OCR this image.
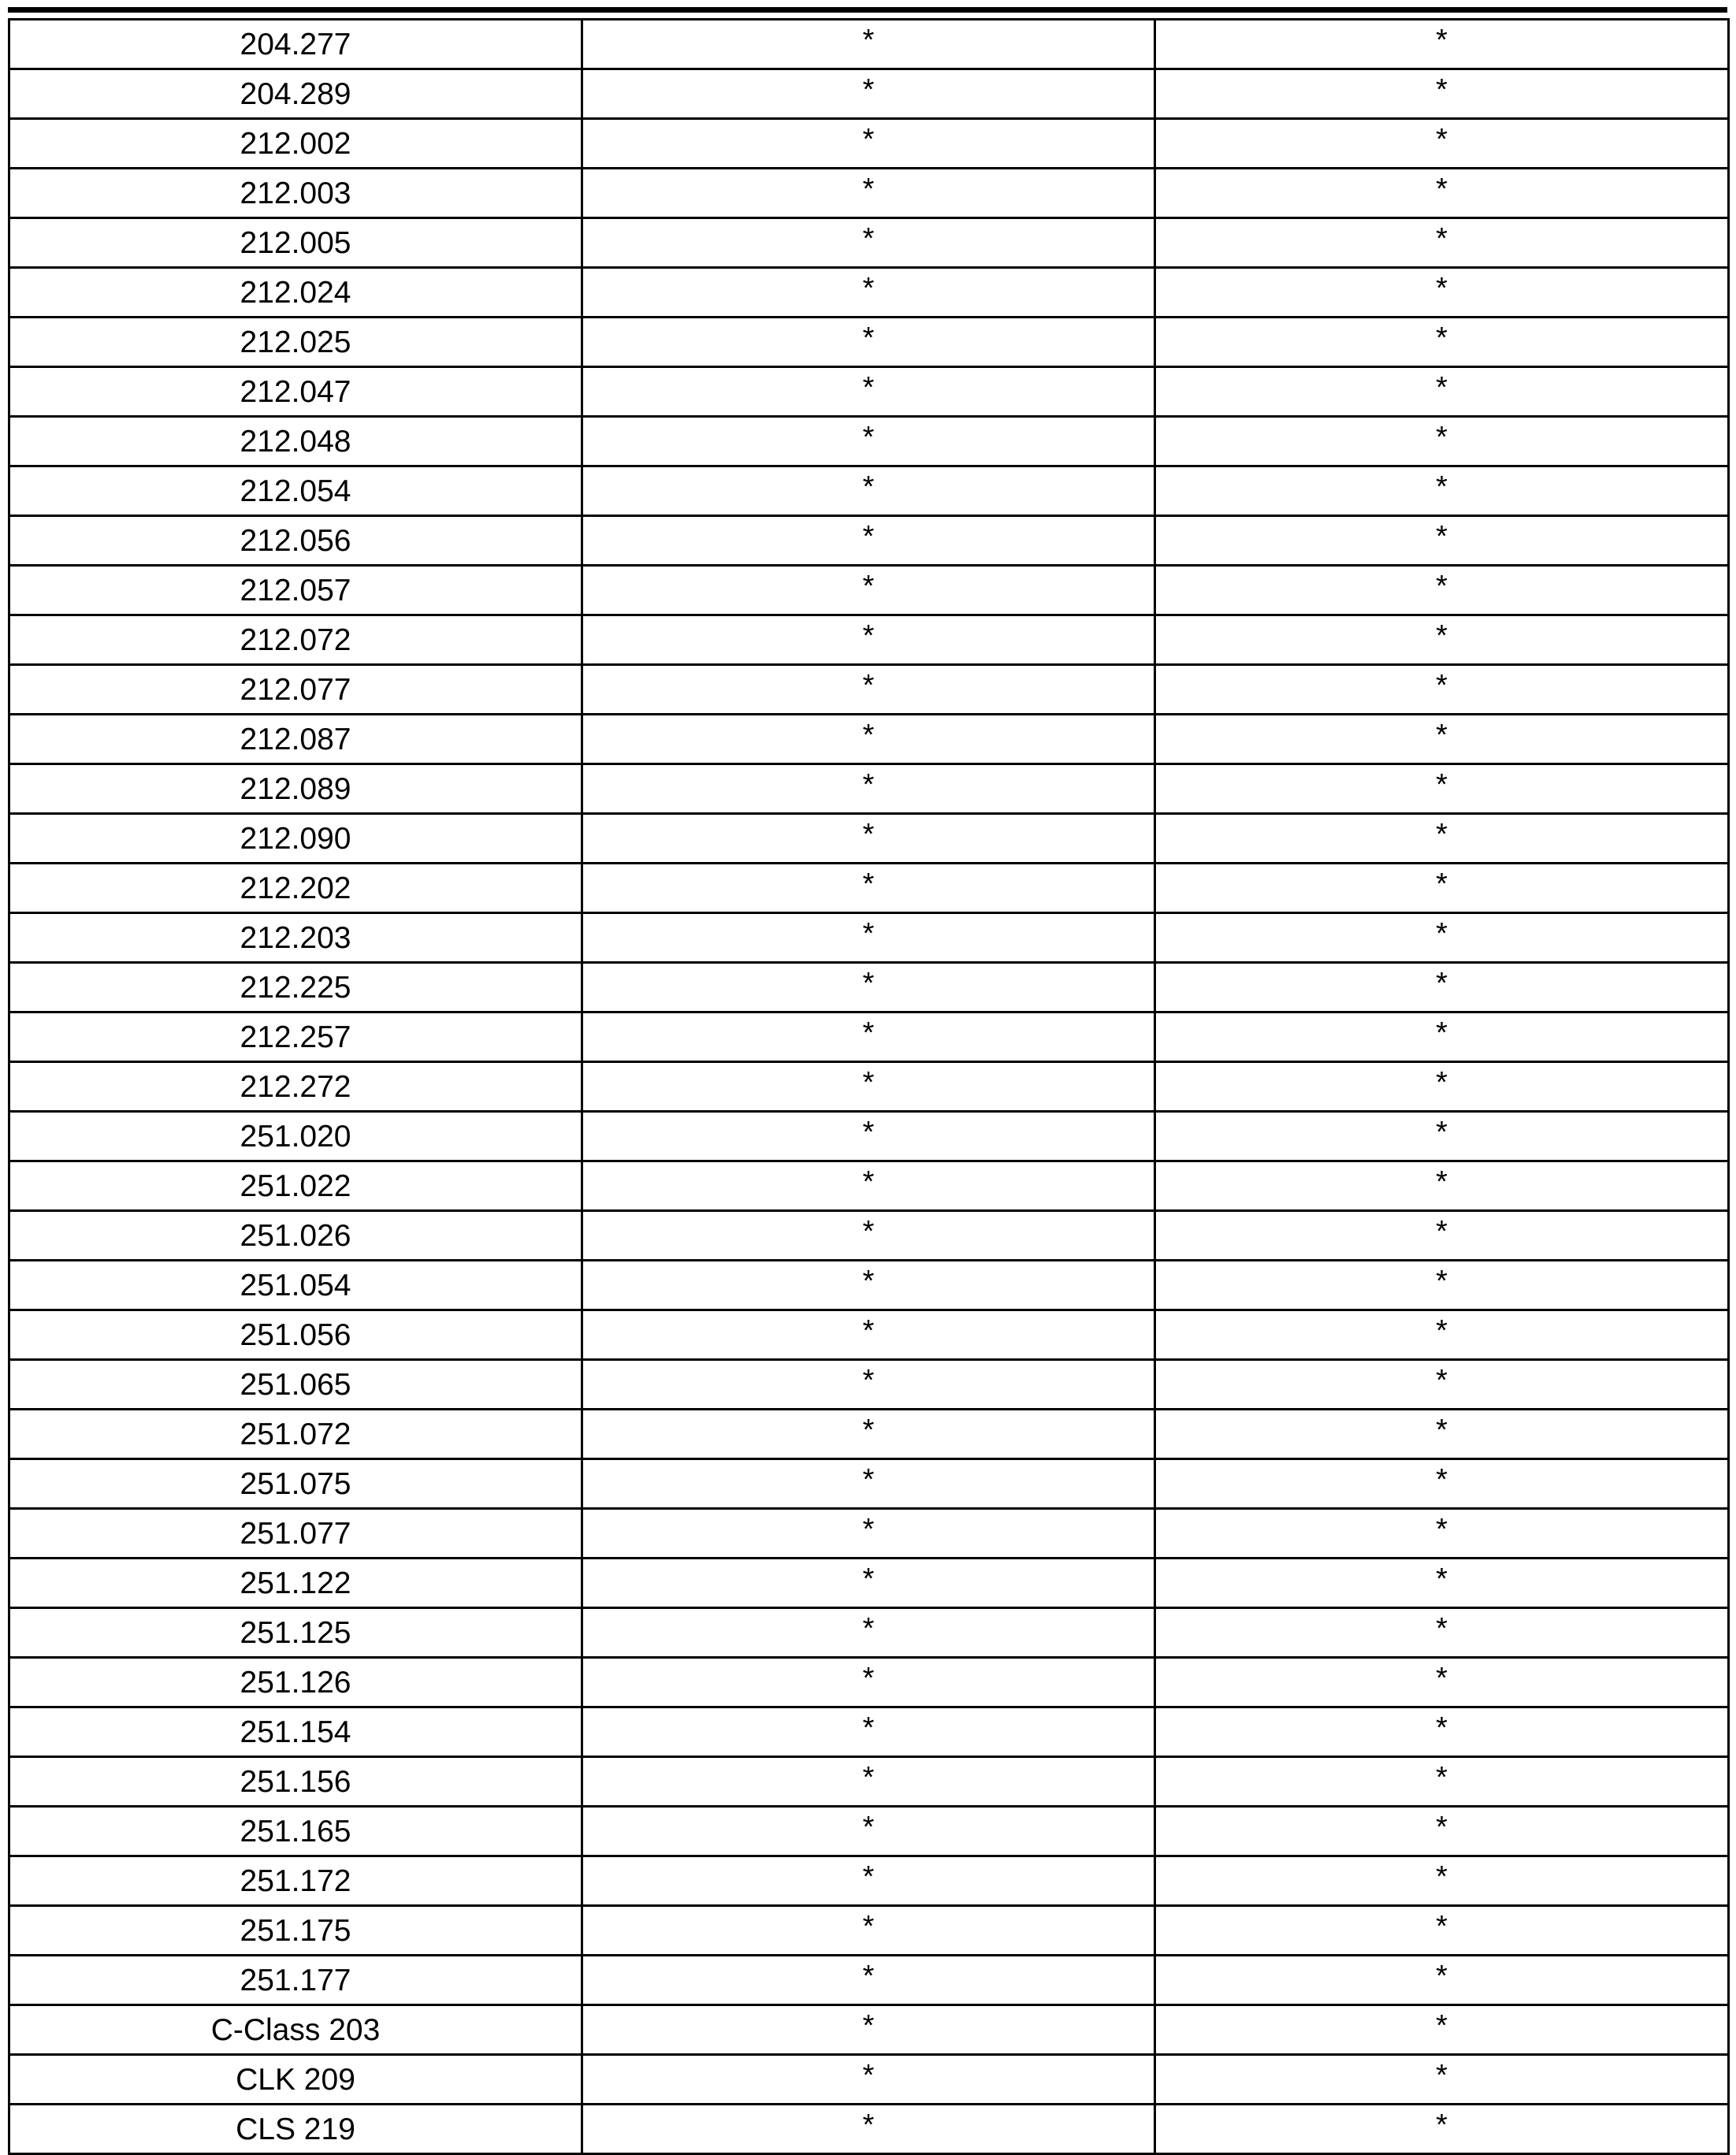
204.277	*	*
204.289	*	*
212.002	*	*
212.003	*	*
212.005	*	*
212.024	*	*
212.025	*	*
212.047	*	*
212.048	*	*
212.054	*	*
212.056	*	*
212.057	*	*
212.072	*	*
212.077	*	*
212.087	*	*
212.089	*	*
212.090	*	*
212.202	*	*
212.203	*	*
212.225	*	*
212.257	*	*
212.272	*	*
251.020	*	*
251.022	*	*
251.026	*	*
251.054	*	*
251.056	*	*
251.065	*	*
251.072	*	*
251.075	*	*
251.077	*	*
251.122	*	*
251.125	*	*
251.126	*	*
251.154	*	*
251.156	*	*
251.165	*	*
251.172	*	*
251.175	*	*
251.177	*	*
C-Class 203	*	*
CLK 209	*	*
CLS 219	*	*
